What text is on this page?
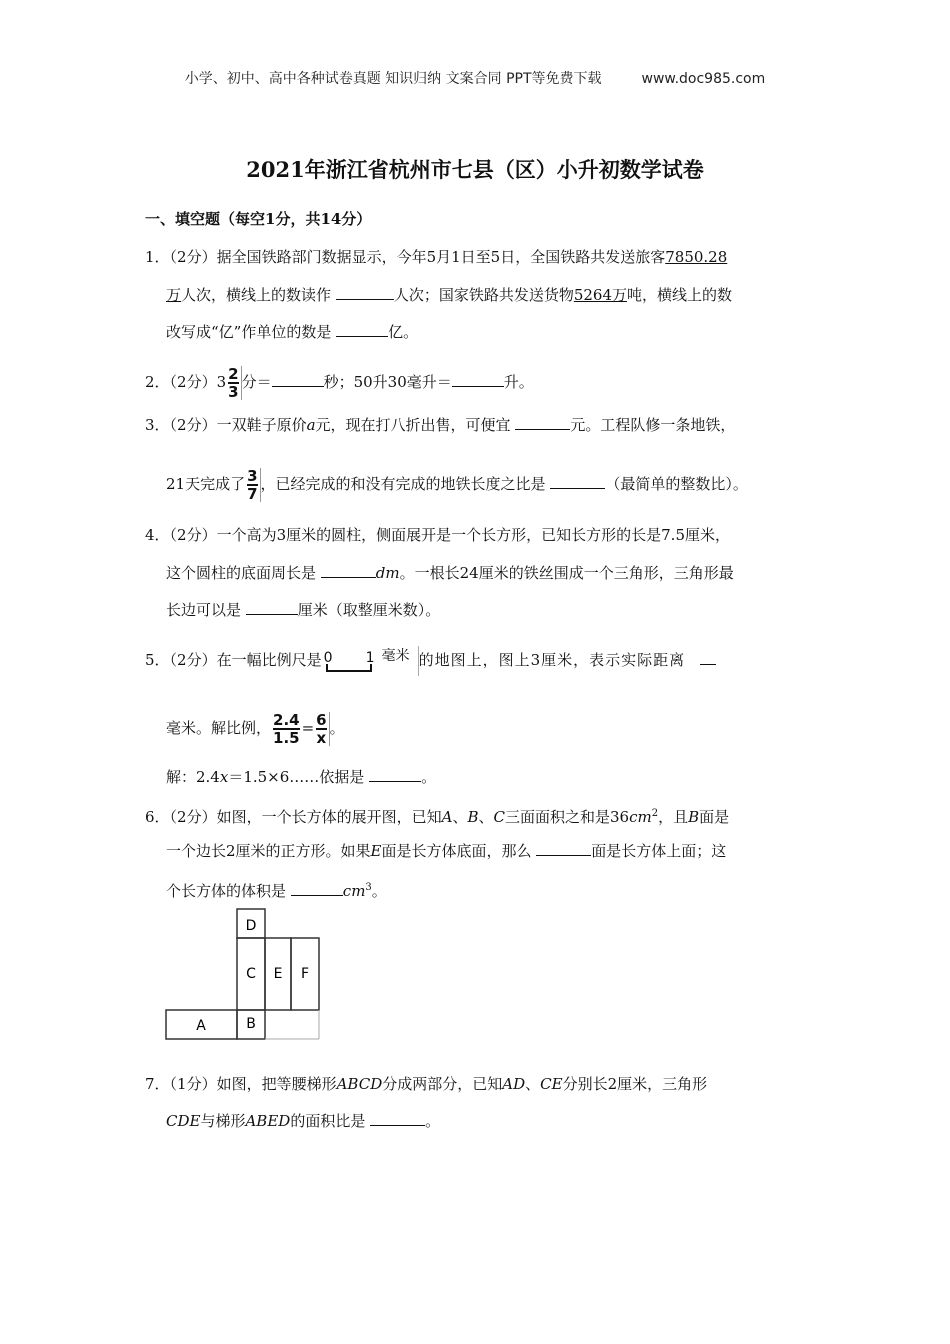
小学、初中、高中各种试卷真题 知识归纳 文案合同 PPT等免费下载	www.doc985.com
2021年浙江省杭州市七县（区）小升初数学试卷
一、填空题（每空1分，共14分）
1．（2分）据全国铁路部门数据显示，今年5月1日至5日，全国铁路共发送旅客7850.28
万人次，横线上的数读作	人次；国家铁路共发送货物5264万吨，横线上的数
改写成“亿”作单位的数是	亿。
2．（2分）$3 \frac{2}{3}$ 分＝	秒；50升30毫升＝	升。
3．（2分）一双鞋子原价a元，现在打八折出售，可便宜	元。工程队修一条地铁，
21天完成了 $\frac{3}{7}$ ，已经完成的和没有完成的地铁长度之比是	（最简单的整数比）。
4．（2分）一个高为3厘米的圆柱，侧面展开是一个长方形，已知长方形的长是7.5厘米，
这个圆柱的底面周长是	dm。一根长24厘米的铁丝围成一个三角形，三角形最
长边可以是	厘米（取整厘米数）。
5．（2分）在一幅比例尺是 0 1 毫米 的地图上，图上3厘米，表示实际距离
毫米。解比例， $\frac{2.4}{1.5} = \frac{6}{x}$ 。
解：2.4x＝1.5×6……依据是	。
6．（2分）如图，一个长方体的展开图，已知A、B、C三面面积之和是$36cm^2$，且B面是
一个边长2厘米的正方形。如果E面是长方体底面，那么	面是长方体上面；这
个长方体的体积是	$cm^3$。
D
C E F
A	B
7．（1分）如图，把等腰梯形ABCD分成两部分，已知AD、CE分别长2厘米，三角形
CDE与梯形ABED的面积比是	。
